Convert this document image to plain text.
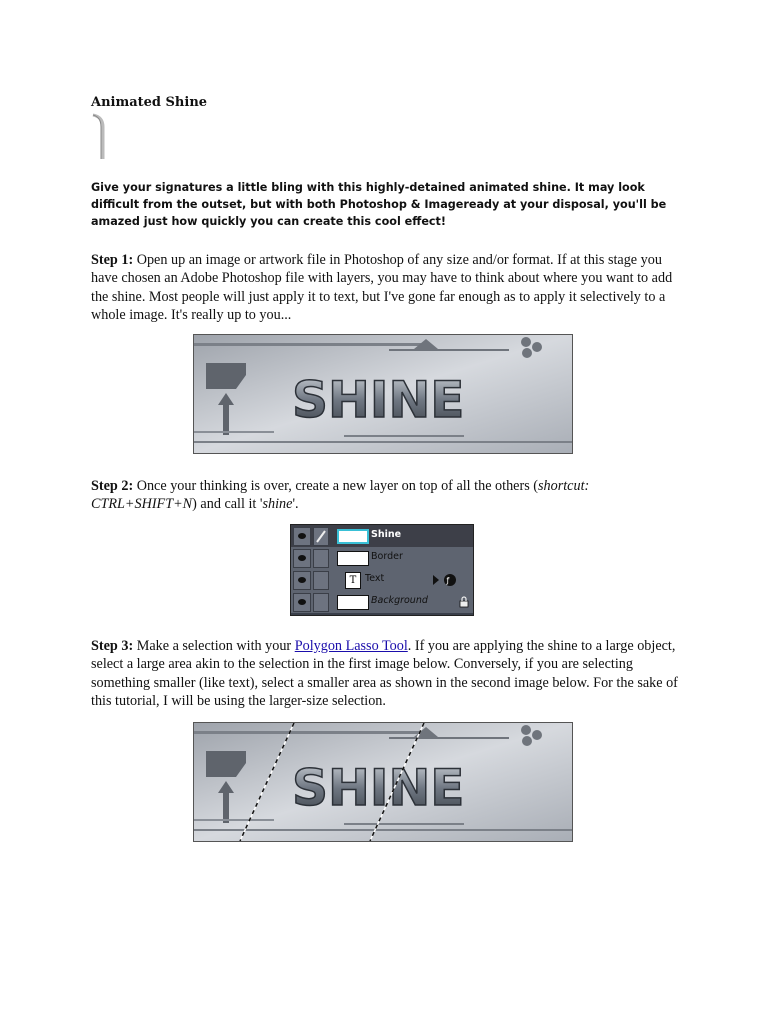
Animated Shine
Give your signatures a little bling with this highly-detained animated shine. It may look difficult from the outset, but with both Photoshop & Imageready at your disposal, you'll be amazed just how quickly you can create this cool effect!
Step 1: Open up an image or artwork file in Photoshop of any size and/or format. If at this stage you have chosen an Adobe Photoshop file with layers, you may have to think about where you want to add the shine. Most people will just apply it to text, but I've gone far enough as to apply it selectively to a whole image. It's really up to you...
SHINE
Step 2: Once your thinking is over, create a new layer on top of all the others (shortcut: CTRL+SHIFT+N) and call it 'shine'.
Shine
Border
T Text	ƒ
Background
Step 3: Make a selection with your Polygon Lasso Tool. If you are applying the shine to a large object, select a large area akin to the selection in the first image below. Conversely, if you are selecting something smaller (like text), select a smaller area as shown in the second image below. For the sake of this tutorial, I will be using the larger-size selection.
SHINE
